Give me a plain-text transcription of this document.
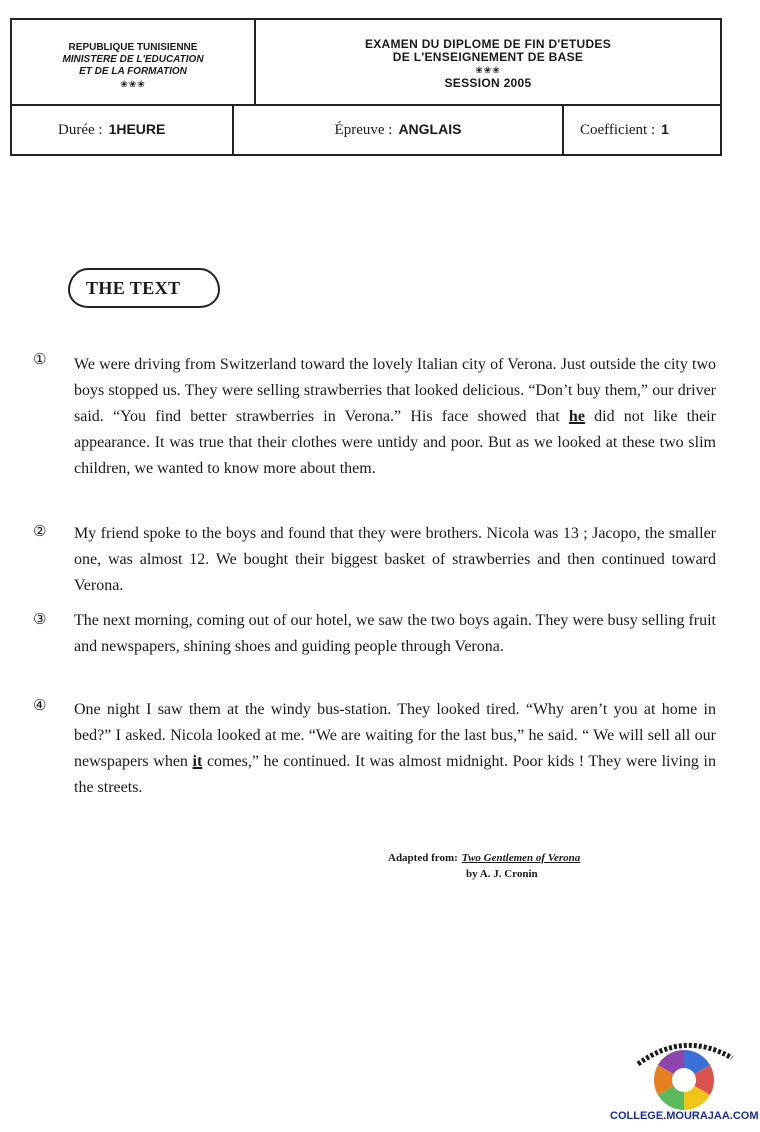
REPUBLIQUE TUNISIENNE
MINISTERE DE L'EDUCATION
ET DE LA FORMATION
❀❀❀
EXAMEN DU DIPLOME DE FIN D'ETUDES
DE L'ENSEIGNEMENT DE BASE
❀❀❀
SESSION 2005
Durée : 1HEURE	Épreuve : ANGLAIS	Coefficient : 1
THE TEXT
① We were driving from Switzerland toward the lovely Italian city of Verona. Just outside the city two boys stopped us. They were selling strawberries that looked delicious. “Don’t buy them,” our driver said. “You find better strawberries in Verona.” His face showed that he did not like their appearance. It was true that their clothes were untidy and poor. But as we looked at these two slim children, we wanted to know more about them.
② My friend spoke to the boys and found that they were brothers. Nicola was 13 ; Jacopo, the smaller one, was almost 12. We bought their biggest basket of strawberries and then continued toward Verona.
③ The next morning, coming out of our hotel, we saw the two boys again. They were busy selling fruit and newspapers, shining shoes and guiding people through Verona.
④ One night I saw them at the windy bus-station. They looked tired. “Why aren’t you at home in bed?” I asked. Nicola looked at me. “We are waiting for the last bus,” he said. “ We will sell all our newspapers when it comes,” he continued. It was almost midnight. Poor kids ! They were living in the streets.
Adapted from: Two Gentlemen of Verona
by A. J. Cronin
COLLEGE.MOURAJAA.COM
